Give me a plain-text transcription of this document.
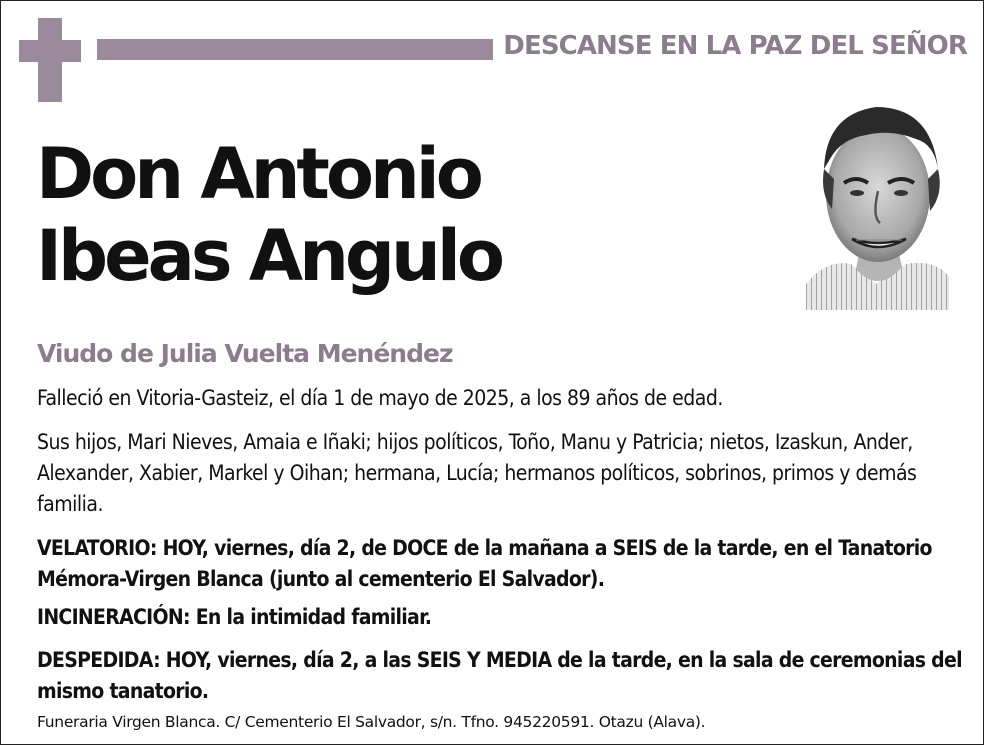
DESCANSE EN LA PAZ DEL SEÑOR
Don Antonio
Ibeas Angulo
Viudo de Julia Vuelta Menéndez
Falleció en Vitoria-Gasteiz, el día 1 de mayo de 2025, a los 89 años de edad.
Sus hijos, Mari Nieves, Amaia e Iñaki; hijos políticos, Toño, Manu y Patricia; nietos, Izaskun, Ander, Alexander, Xabier, Markel y Oihan; hermana, Lucía; hermanos políticos, sobrinos, primos y demás familia.
VELATORIO: HOY, viernes, día 2, de DOCE de la mañana a SEIS de la tarde, en el Tanatorio Mémora-Virgen Blanca (junto al cementerio El Salvador).
INCINERACIÓN: En la intimidad familiar.
DESPEDIDA: HOY, viernes, día 2, a las SEIS Y MEDIA de la tarde, en la sala de ceremonias del mismo tanatorio.
Funeraria Virgen Blanca. C/ Cementerio El Salvador, s/n. Tfno. 945220591. Otazu (Alava).
